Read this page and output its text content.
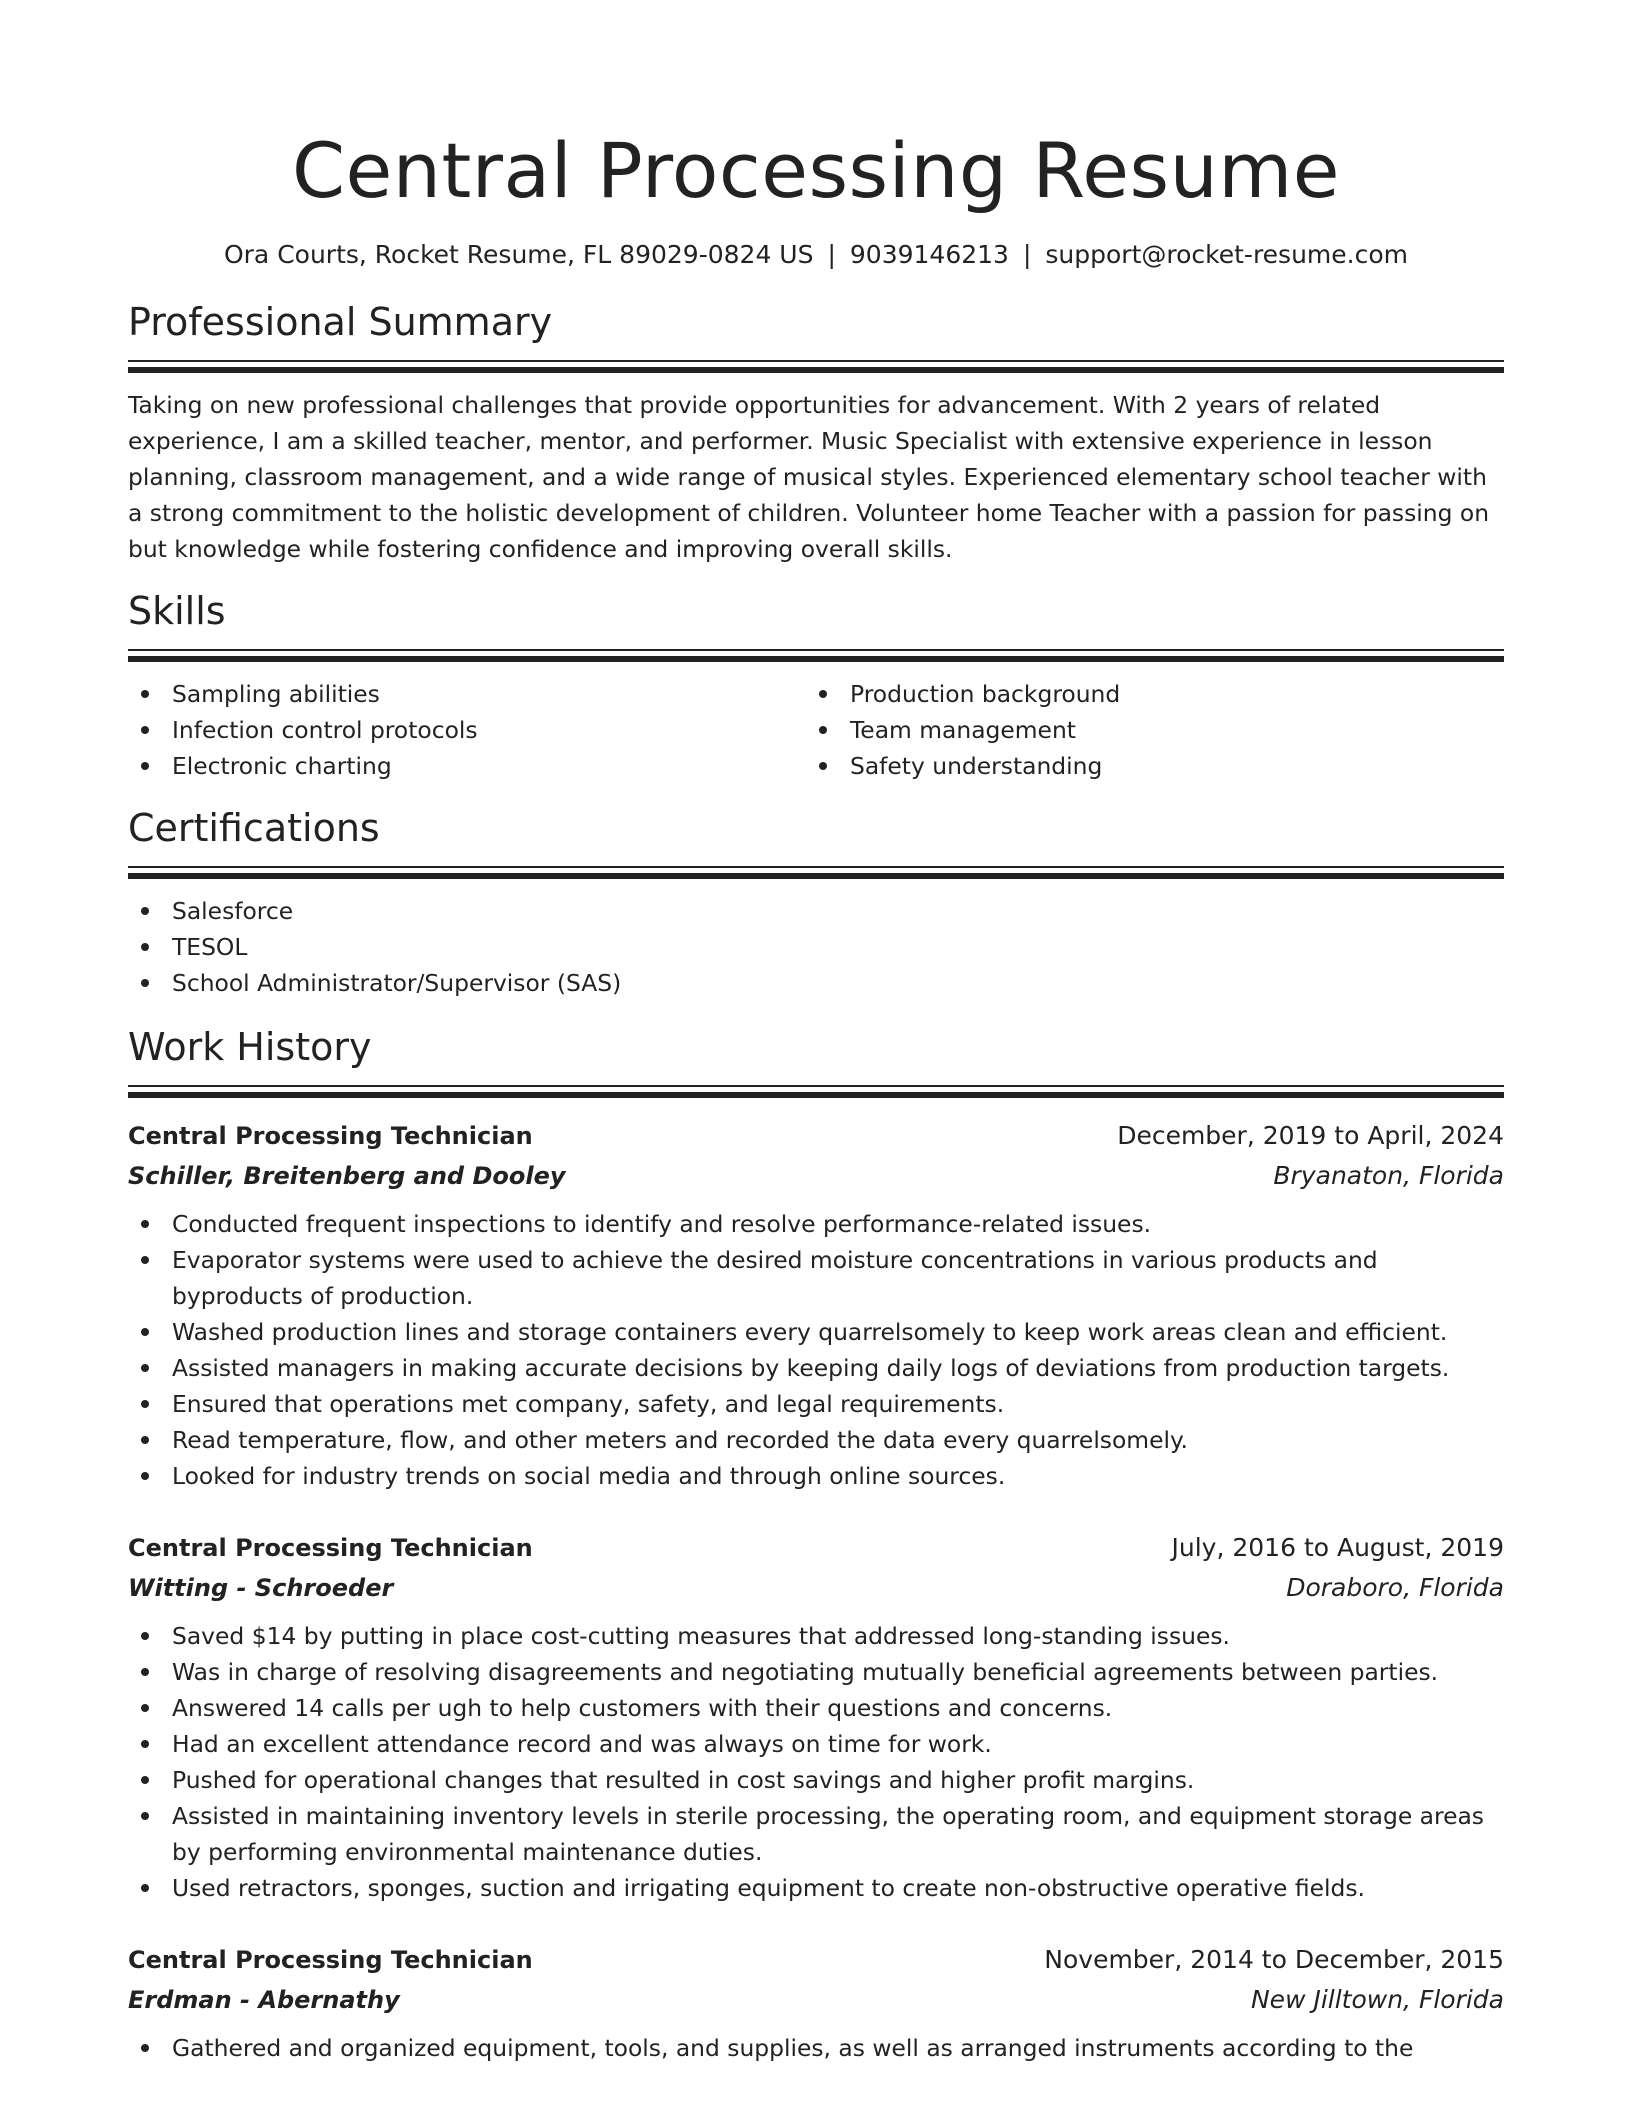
Central Processing Resume
Ora Courts, Rocket Resume, FL 89029-0824 US | 9039146213 | support@rocket-resume.com
Professional Summary
Taking on new professional challenges that provide opportunities for advancement. With 2 years of related experience, I am a skilled teacher, mentor, and performer. Music Specialist with extensive experience in lesson planning, classroom management, and a wide range of musical styles. Experienced elementary school teacher with a strong commitment to the holistic development of children. Volunteer home Teacher with a passion for passing on but knowledge while fostering confidence and improving overall skills.
Skills
Sampling abilities
Infection control protocols
Electronic charting
Production background
Team management
Safety understanding
Certifications
Salesforce
TESOL
School Administrator/Supervisor (SAS)
Work History
Central Processing Technician	December, 2019 to April, 2024
Schiller, Breitenberg and Dooley	Bryanaton, Florida
Conducted frequent inspections to identify and resolve performance-related issues.
Evaporator systems were used to achieve the desired moisture concentrations in various products and byproducts of production.
Washed production lines and storage containers every quarrelsomely to keep work areas clean and efficient.
Assisted managers in making accurate decisions by keeping daily logs of deviations from production targets.
Ensured that operations met company, safety, and legal requirements.
Read temperature, flow, and other meters and recorded the data every quarrelsomely.
Looked for industry trends on social media and through online sources.
Central Processing Technician	July, 2016 to August, 2019
Witting - Schroeder	Doraboro, Florida
Saved $14 by putting in place cost-cutting measures that addressed long-standing issues.
Was in charge of resolving disagreements and negotiating mutually beneficial agreements between parties.
Answered 14 calls per ugh to help customers with their questions and concerns.
Had an excellent attendance record and was always on time for work.
Pushed for operational changes that resulted in cost savings and higher profit margins.
Assisted in maintaining inventory levels in sterile processing, the operating room, and equipment storage areas by performing environmental maintenance duties.
Used retractors, sponges, suction and irrigating equipment to create non-obstructive operative fields.
Central Processing Technician	November, 2014 to December, 2015
Erdman - Abernathy	New Jilltown, Florida
Gathered and organized equipment, tools, and supplies, as well as arranged instruments according to the
